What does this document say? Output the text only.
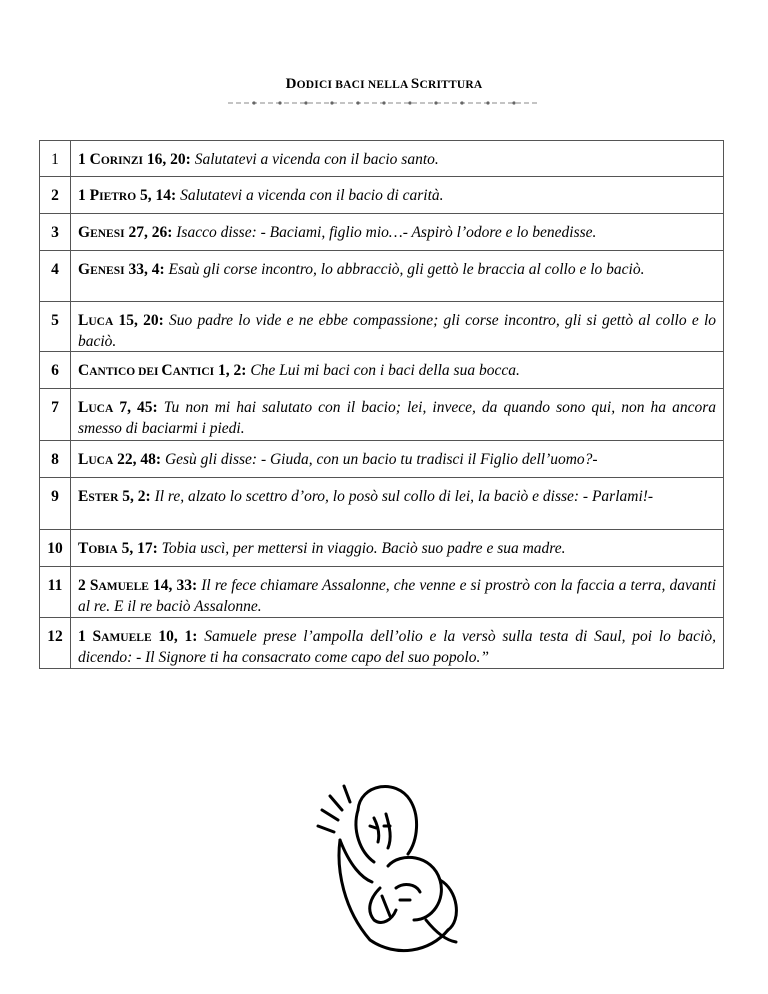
DODICI BACI NELLA SCRITTURA
1	1 CORINZI 16, 20: Salutatevi a vicenda con il bacio santo.
2	1 PIETRO 5, 14: Salutatevi a vicenda con il bacio di carità.
3	GENESI 27, 26: Isacco disse: - Baciami, figlio mio…- Aspirò l’odore e lo benedisse.
4	GENESI 33, 4: Esaù gli corse incontro, lo abbracciò, gli gettò le braccia al collo e lo baciò.
5	LUCA 15, 20: Suo padre lo vide e ne ebbe compassione; gli corse incontro, gli si gettò al collo e lo baciò.
6	CANTICO DEI CANTICI 1, 2: Che Lui mi baci con i baci della sua bocca.
7	LUCA 7, 45: Tu non mi hai salutato con il bacio; lei, invece, da quando sono qui, non ha ancora smesso di baciarmi i piedi.
8	LUCA 22, 48: Gesù gli disse: - Giuda, con un bacio tu tradisci il Figlio dell’uomo?-
9	ESTER 5, 2: Il re, alzato lo scettro d’oro, lo posò sul collo di lei, la baciò e disse: - Parlami!-
10	TOBIA 5, 17: Tobia uscì, per mettersi in viaggio. Baciò suo padre e sua madre.
11	2 SAMUELE 14, 33: Il re fece chiamare Assalonne, che venne e si prostrò con la faccia a terra, davanti al re. E il re baciò Assalonne.
12	1 SAMUELE 10, 1: Samuele prese l’ampolla dell’olio e la versò sulla testa di Saul, poi lo baciò, dicendo: - Il Signore ti ha consacrato come capo del suo popolo.”
